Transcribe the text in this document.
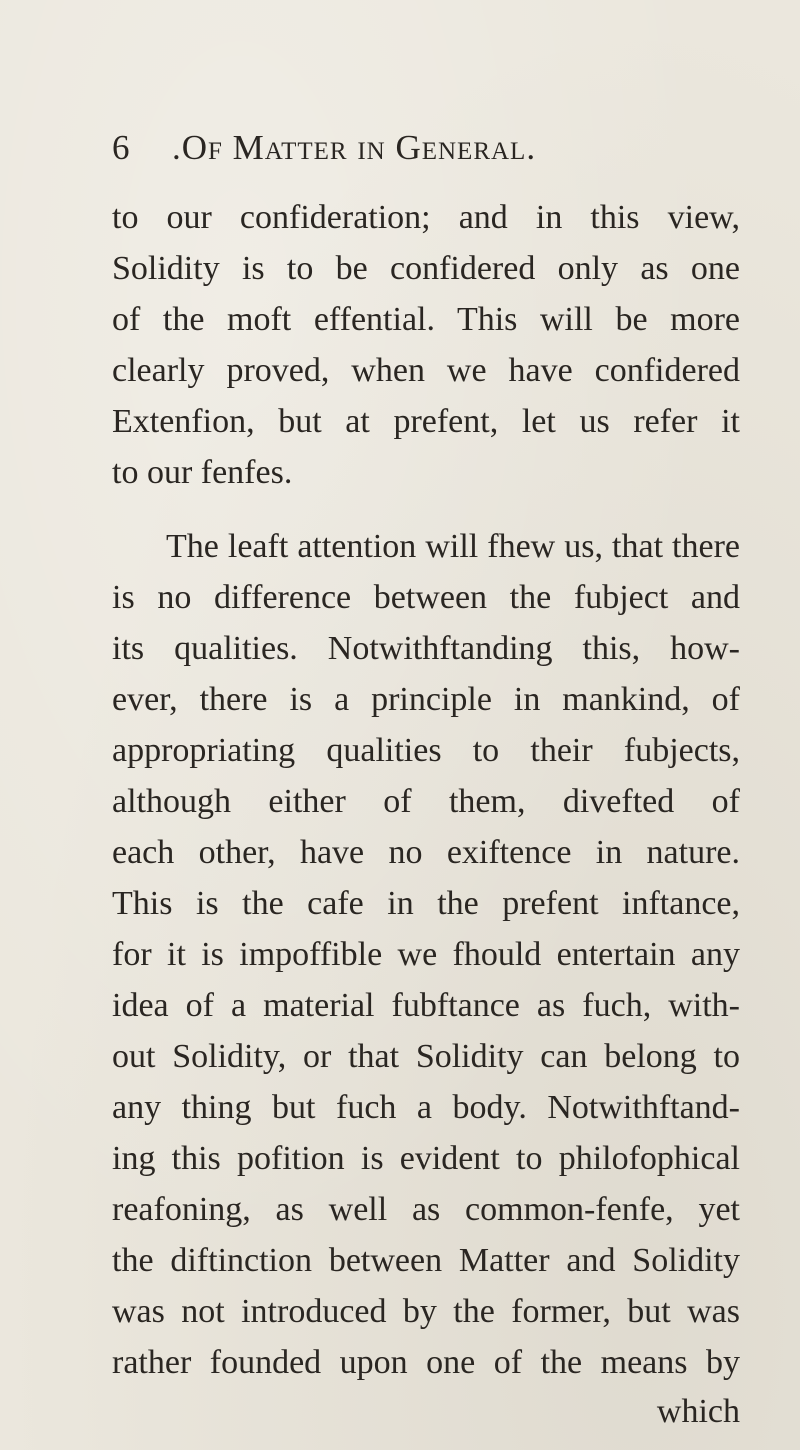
6 .Of Matter in General.
to our confideration; and in this view,
Solidity is to be confidered only as one
of the moft effential. This will be more
clearly proved, when we have confidered
Extenfion, but at prefent, let us refer it
to our fenfes.
The leaft attention will fhew us, that there
is no difference between the fubject and
its qualities. Notwithftanding this, how-
ever, there is a principle in mankind, of
appropriating qualities to their fubjects,
although either of them, divefted of
each other, have no exiftence in nature.
This is the cafe in the prefent inftance,
for it is impoffible we fhould entertain any
idea of a material fubftance as fuch, with-
out Solidity, or that Solidity can belong to
any thing but fuch a body. Notwithftand-
ing this pofition is evident to philofophical
reafoning, as well as common-fenfe, yet
the diftinction between Matter and Solidity
was not introduced by the former, but was
rather founded upon one of the means by
which
